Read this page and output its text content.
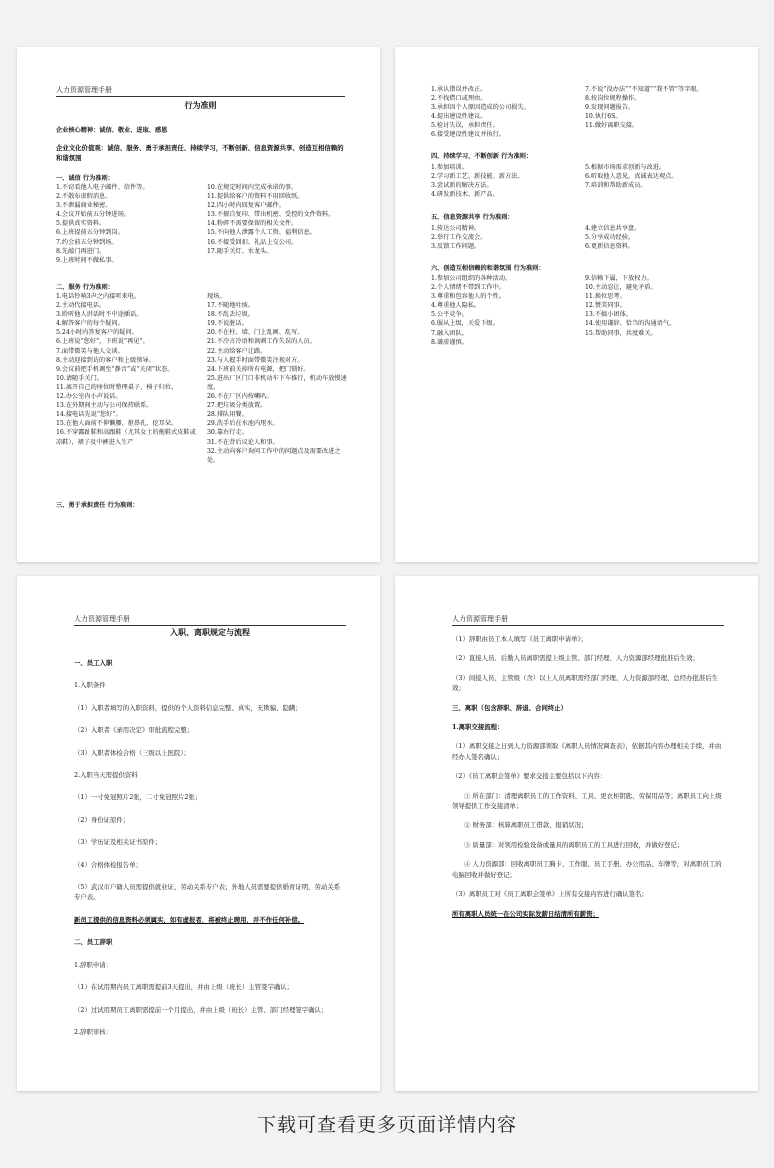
人力资源管理手册
行为准则
企业核心精神：诚信、敬业、进取、感恩
企业文化价值观：诚信、服务、勇于承担责任、持续学习，不断创新、信息资源共享、创造互相信赖的和谐氛围
一、诚信 行为准则：
1.不窃看他人电子邮件、信件等。
2.不散布虚假消息。
3.不泄漏商业秘密。
4.会议开始前五分钟进场。
5.提供真实资料。
6.上班提前五分钟到岗。
7.约会前五分钟到场。
8.先敲门再进门。
9.上班时间不做私事。
10.在规定时间内完成承诺的事。
11.提供给客户的资料不用回收纸。
12.四小时内回复客户邮件。
13.不擅自复印、带出机密、受控的文件资料。
14.粉碎不需要保留的相关文件。
15.不向他人泄露个人工资、福利信息。
16.不接受回扣、礼品上交公司。
17.随手关灯、水龙头。
二、服务 行为准则：
1.电话铃响3声之内接听来电。
2.主动代接电话。
3.聆听他人讲话时不中途插话。
4.解答客户的每个疑问。
5.24小时内答复客户的疑问。
6.上班说“您好”，下班说“再见”。
7.面带微笑与他人交谈。
8.主动迎接到访的客户和上级领导。
9.会议前把手机调至“静音”或“关闭”状态。
10.请随手关门。
11.离开自己的座位时整理桌子，椅子归位。
12.办公室内小声说话。
13.在外期间主动与公司保持联系。
14.接电话先说“您好”。
15.在他人面前不伸懒腰、抠鼻孔、挖耳朵。
16.不穿露趾鞋和高跟鞋（尤其女士的拖鞋式皮鞋或凉鞋），裙子及中裤进入生产
现场。
17.不随地吐痰。
18.不乱丢垃圾。
19.不说脏话。
20.不在柱、墙、门上乱画、乱写。
21.不冷言冷语和讽刺工作失误的人员。
22.主动给客户让路。
23.与人握手时面带微笑注视对方。
24.下班前关掉所有电源，把门锁好。
25.进出厂区门口非机动车下车推行，机动车放慢速度。
26.不在厂区内按喇叭。
27.把垃圾分类放置。
28.排队用餐。
29.洗手后在水池内甩水。
30.靠右行走。
31.不在背后议论人和事。
32.主动向客户询问工作中的问题点及需要改进之处。
三、勇于承担责任 行为准则：
1.承认错误并改正。
2.不找借口或理由。
3.承担因个人原因造成的公司损失。
4.提出建设性建议。
5.检讨失误，承担责任。
6.接受建设性建议并执行。
7.不说“没办法”“不知道”“我不管”等字眼。
8.按岗位规程操作。
9.发现问题报告。
10.执行6S。
11.做好离职交接。
四、持续学习，不断创新 行为准则：
1.参加培训。
2.学习新工艺、新技能、新方法。
3.尝试新的解决方法。
4.研发新技术、新产品。
5.根据市场需求创新与改进。
6.听取他人意见，真诚表达观点。
7.培训和帮助新成员。
五、信息资源共享 行为准则：
1.传达公司精神。
2.举行工作交流会。
3.反馈工作问题。
4.建立信息共享盘。
5.分享成功经验。
6.更新信息资料。
六、创造互相信赖的和谐氛围 行为准则：
1.参加公司组织的各种活动。
2.个人情绪不带到工作中。
3.尊重和包容他人的个性。
4.尊重他人隐私。
5.公平竞争。
6.服从上级，关爱下级。
7.融入团队。
8.谦虚谨慎。
9.信赖下属，下放权力。
10.主动忍让，避免矛盾。
11.换位思考。
12.赞美同事。
13.不搞小团体。
14.使用谦辞、恰当的沟通语气。
15.帮助同事，共度难关。
人力资源管理手册
入职、离职规定与流程
一、员工入职
1.入职条件
（1）入职者填写的入职资料、提供的个人资料信息完整、真实，无欺骗、隐瞒；
（2）入职者《录用决定》审批流程完整；
（3）入职者体检合格（三级以上医院）；
2.入职当天需提供资料
（1）一寸免冠照片2张，二寸免冠照片2张；
（2）身份证原件；
（3）学历证及相关证书原件；
（4）合格体检报告单；
（5）武汉市户籍人员需提供就业证、劳动关系专户表；外地人员需要提供婚育证明，劳动关系专户表。
新员工提供的信息资料必须属实，如有虚报者，将被终止聘用，并不作任何补偿。
二、员工辞职
1.辞职申请：
（1）在试用期内员工离职需提前3天提出，并由上级（班长）主管签字确认；
（2）过试用期员工离职需提前一个月提出，并由上级（班长）主管、部门经理签字确认；
2.辞职审核：
人力资源管理手册
（1）辞职由员工本人填写《员工离职申请单》；
（2）直接人员、后勤人员离职需提上级主管、部门经理、人力资源部经理批准后生效；
（3）间接人员、主管级（含）以上人员离职需经部门经理、人力资源部经理、总经办批准后生效；
三、离职（包含辞职、辞退、合同终止）
1.离职交接流程：
（1）离职交接之日到人力资源部领取《离职人员情况调查表》，依据其内容办理相关手续，并由经办人签名确认；
（2）《员工离职会签单》要求交接主要包括以下内容：
① 所在部门：清理离职员工的工作资料、工具、更衣柜钥匙、劳保用品等；离职员工向上级领导提供工作交接清单；
② 财务部：核算离职员工借款、报销状况；
③ 质量部：对领用检验设备或量具的离职员工的工具进行回收，并做好登记；
④ 人力资源部：回收离职员工胸卡、工作服、员工手册、办公用品、车牌等，对离职员工的电脑回收并做好登记；
（3）离职员工对《员工离职会签单》上所有交接内容进行确认签名；
所有离职人员统一在公司实际发薪日结清所有薪资；
下载可查看更多页面详情内容
